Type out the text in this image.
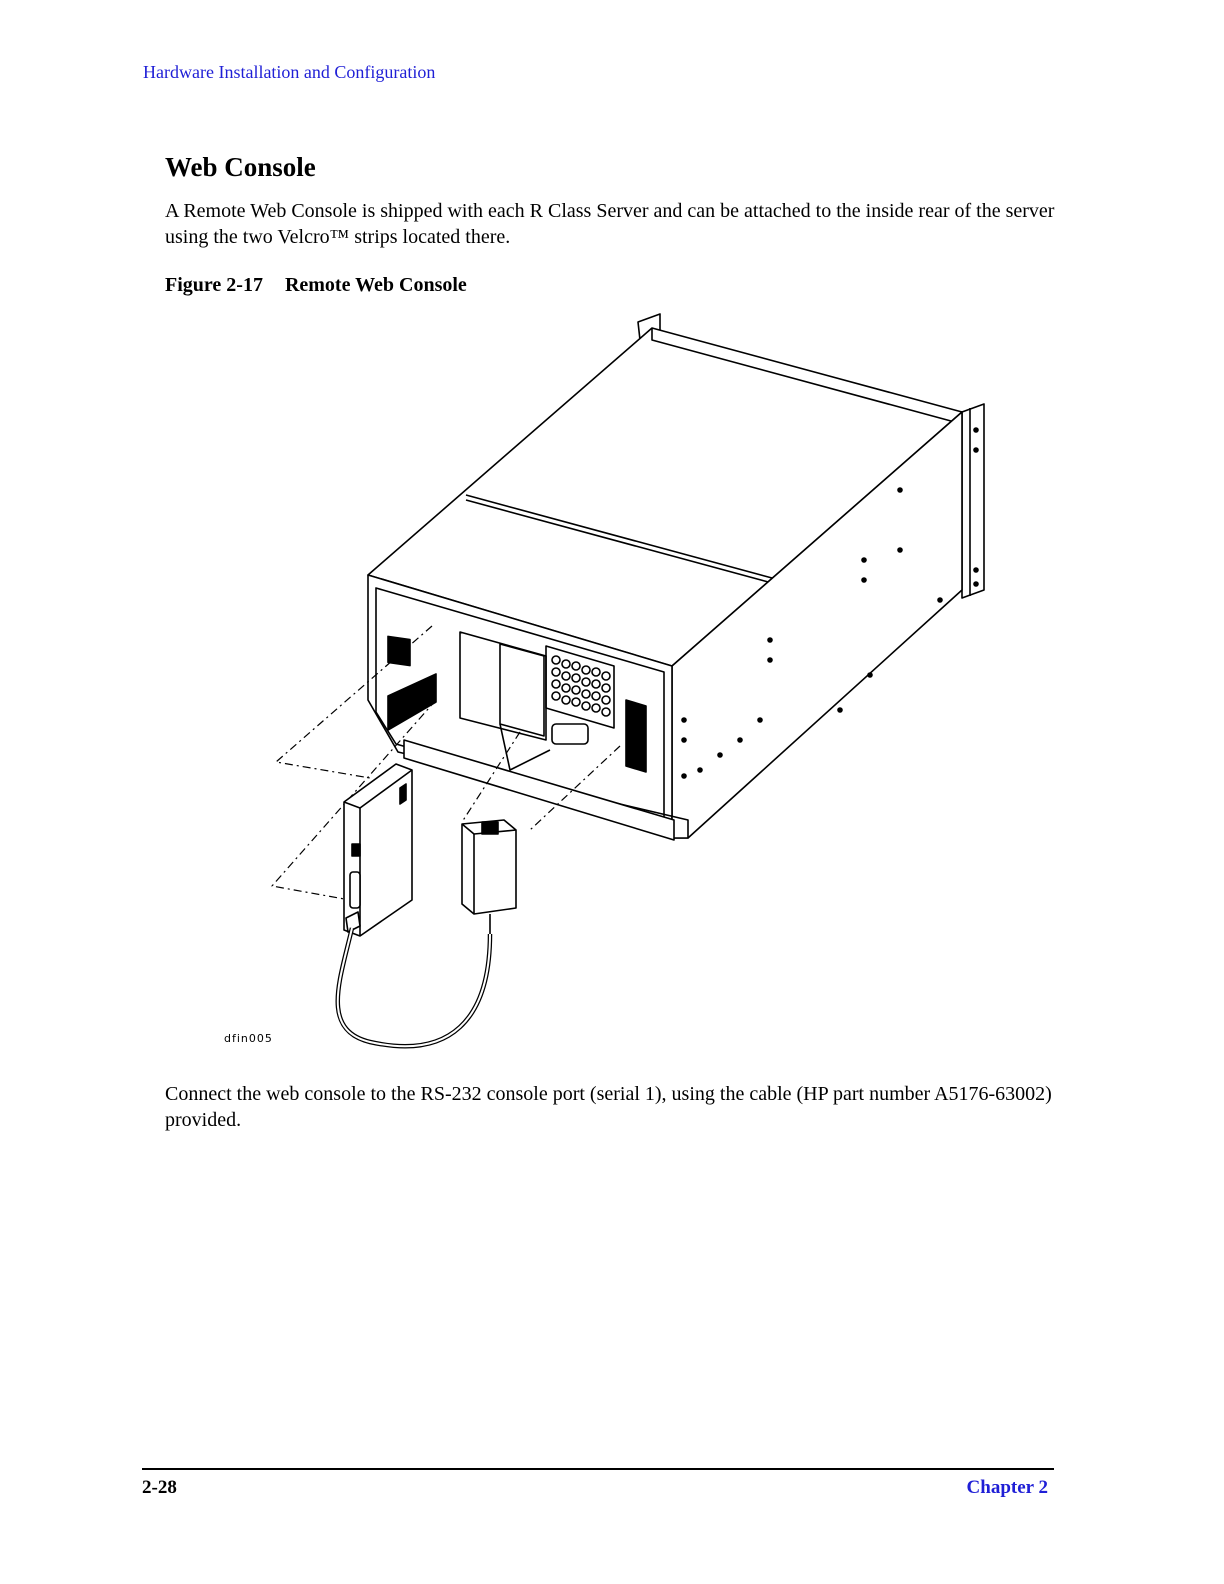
Hardware Installation and Configuration
Web Console

A Remote Web Console is shipped with each R Class Server and can be attached to the inside rear of the server using the two Velcro™ strips located there.

Figure 2-17 Remote Web Console
dfin005

Connect the web console to the RS-232 console port (serial 1), using the cable (HP part number A5176-63002) provided.

2-28	Chapter 2
